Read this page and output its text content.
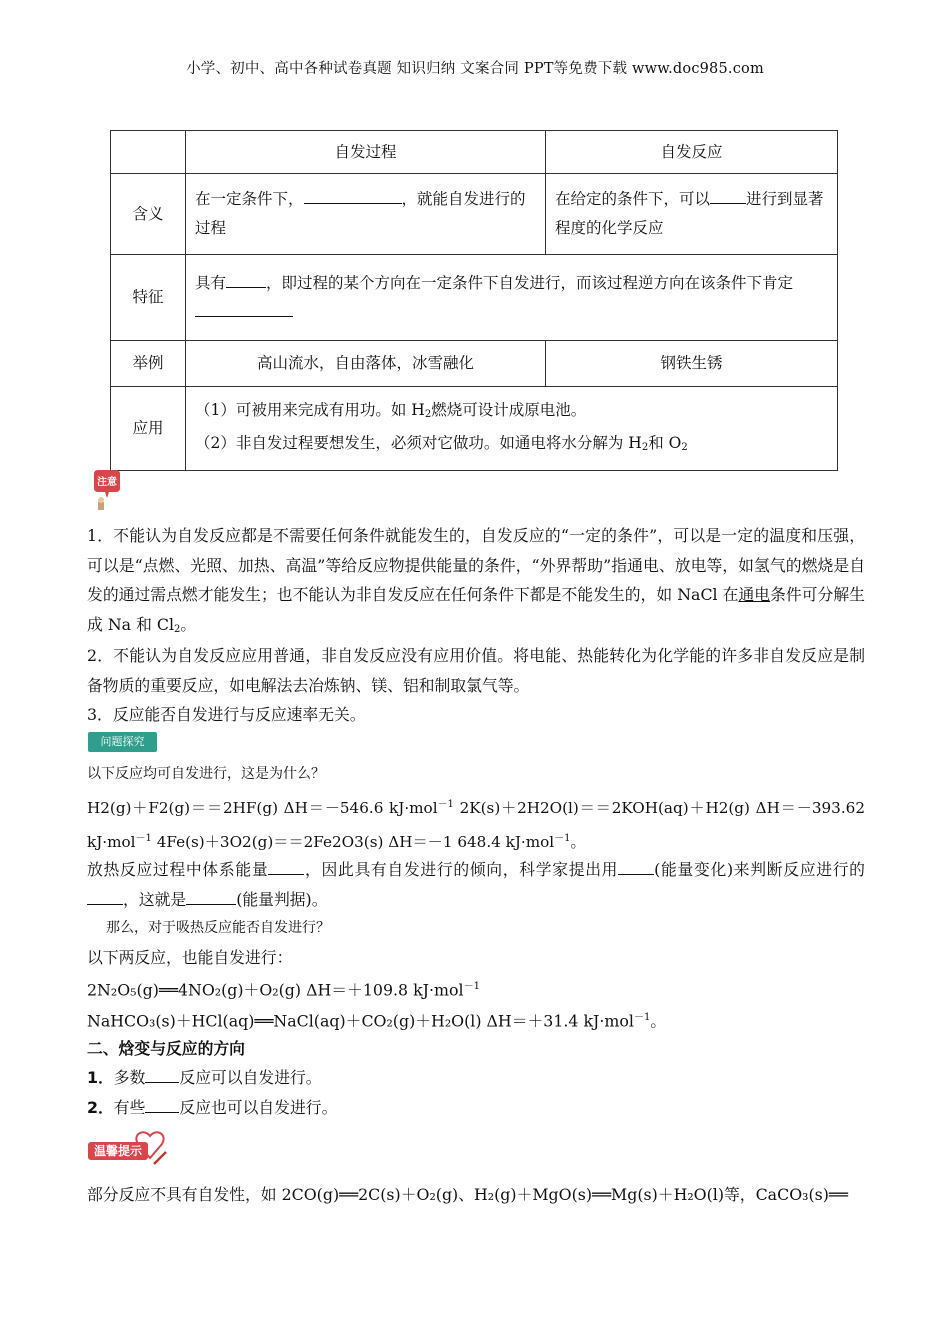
小学、初中、高中各种试卷真题 知识归纳 文案合同 PPT等免费下载 www.doc985.com
	自发过程	自发反应
含义	在一定条件下， ，就能自发进行的过程	在给定的条件下，可以 进行到显著程度的化学反应
特征	具有 ，即过程的某个方向在一定条件下自发进行，而该过程逆方向在该条件下肯定	
举例	高山流水，自由落体，冰雪融化	钢铁生锈
应用	（1）可被用来完成有用功。如 $H_2$燃烧可设计成原电池。
（2）非自发过程要想发生，必须对它做功。如通电将水分解为 $H_2$和 $O_2$
注意
1．不能认为自发反应都是不需要任何条件就能发生的，自发反应的“一定的条件”，可以是一定的温度和压强，可以是“点燃、光照、加热、高温”等给反应物提供能量的条件，“外界帮助”指通电、放电等，如氢气的燃烧是自发的通过需点燃才能发生；也不能认为非自发反应在任何条件下都是不能发生的，如 NaCl 在通电条件可分解生成 Na 和 $Cl_2$。
2．不能认为自发反应应用普通，非自发反应没有应用价值。将电能、热能转化为化学能的许多非自发反应是制备物质的重要反应，如电解法去冶炼钠、镁、铝和制取氯气等。
3．反应能否自发进行与反应速率无关。
问题探究
以下反应均可自发进行，这是为什么？
H2(g)＋F2(g)＝＝2HF(g) ΔH＝－546.6 kJ·mol$^{-1}$ 2K(s)＋2H2O(l)＝＝2KOH(aq)＋H2(g) ΔH＝－393.62 kJ·mol$^{-1}$ 4Fe(s)＋3O2(g)＝＝2Fe2O3(s) ΔH＝－1 648.4 kJ·mol$^{-1}$。
放热反应过程中体系能量 ，因此具有自发进行的倾向，科学家提出用 (能量变化)来判断反应进行的，这就是	(能量判据)。
那么，对于吸热反应能否自发进行？
以下两反应，也能自发进行：
2N₂O₅(g)══4NO₂(g)＋O₂(g) ΔH＝＋109.8 kJ·mol$^{-1}$
NaHCO₃(s)＋HCl(aq)══NaCl(aq)＋CO₂(g)＋H₂O(l) ΔH＝＋31.4 kJ·mol$^{-1}$。
二、焓变与反应的方向
1．多数 反应可以自发进行。
2．有些 反应也可以自发进行。
温馨提示
部分反应不具有自发性，如 2CO(g)══2C(s)＋O₂(g)、H₂(g)＋MgO(s)══Mg(s)＋H₂O(l)等，CaCO₃(s)══
